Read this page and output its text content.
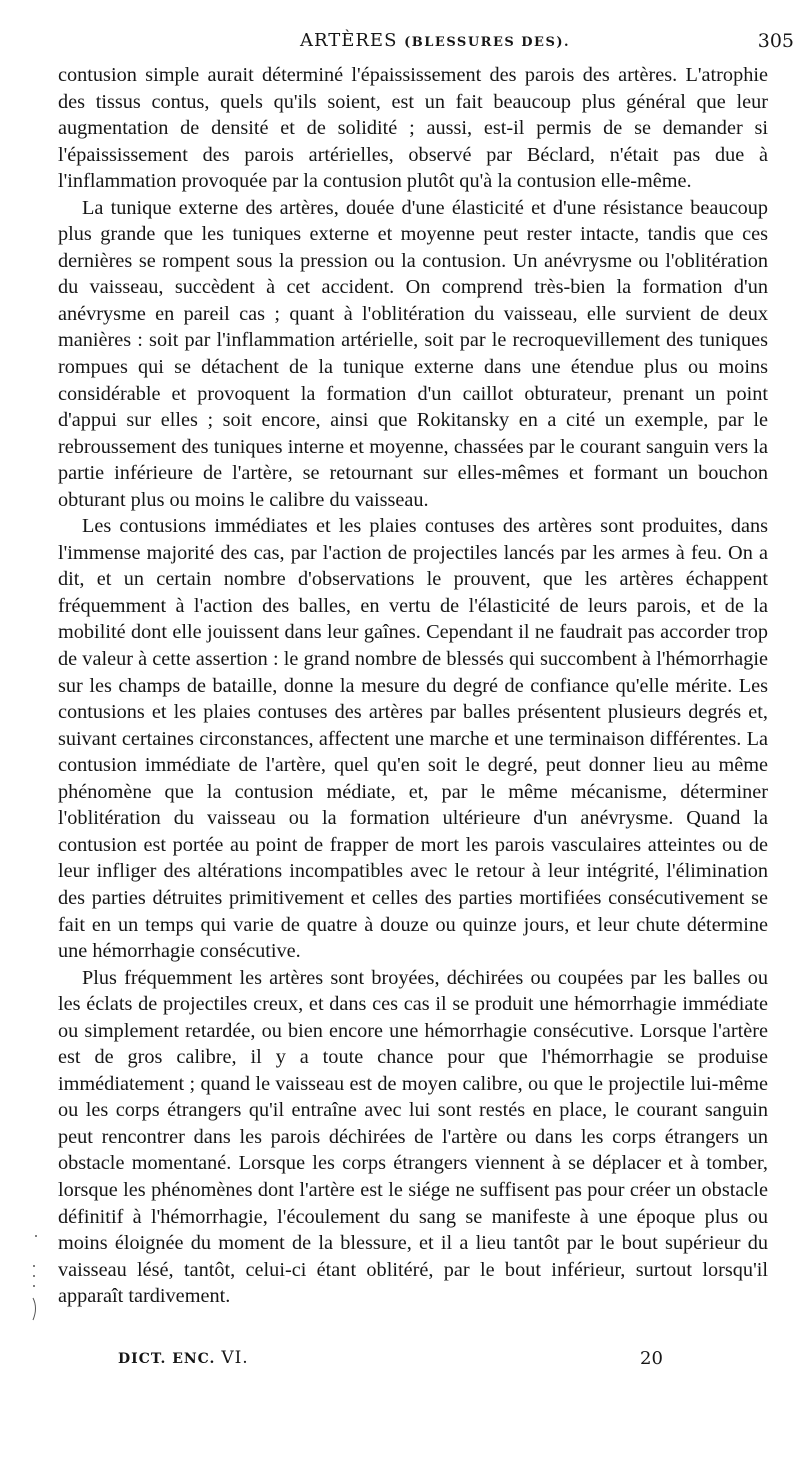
ARTÈRES (BLESSURES DES).	305

contusion simple aurait déterminé l'épaississement des parois des artères. L'atrophie des tissus contus, quels qu'ils soient, est un fait beaucoup plus général que leur augmentation de densité et de solidité ; aussi, est-il permis de se demander si l'épaississement des parois artérielles, observé par Béclard, n'était pas due à l'inflammation provoquée par la contusion plutôt qu'à la contusion elle-même.

La tunique externe des artères, douée d'une élasticité et d'une résistance beaucoup plus grande que les tuniques externe et moyenne peut rester intacte, tandis que ces dernières se rompent sous la pression ou la contusion. Un anévrysme ou l'oblitération du vaisseau, succèdent à cet accident. On comprend très-bien la formation d'un anévrysme en pareil cas ; quant à l'oblitération du vaisseau, elle survient de deux manières : soit par l'inflammation artérielle, soit par le recroquevillement des tuniques rompues qui se détachent de la tunique externe dans une étendue plus ou moins considérable et provoquent la formation d'un caillot obturateur, prenant un point d'appui sur elles ; soit encore, ainsi que Rokitansky en a cité un exemple, par le rebroussement des tuniques interne et moyenne, chassées par le courant sanguin vers la partie inférieure de l'artère, se retournant sur elles-mêmes et formant un bouchon obturant plus ou moins le calibre du vaisseau.

Les contusions immédiates et les plaies contuses des artères sont produites, dans l'immense majorité des cas, par l'action de projectiles lancés par les armes à feu. On a dit, et un certain nombre d'observations le prouvent, que les artères échappent fréquemment à l'action des balles, en vertu de l'élasticité de leurs parois, et de la mobilité dont elle jouissent dans leur gaînes. Cependant il ne faudrait pas accorder trop de valeur à cette assertion : le grand nombre de blessés qui succombent à l'hémorrhagie sur les champs de bataille, donne la mesure du degré de confiance qu'elle mérite. Les contusions et les plaies contuses des artères par balles présentent plusieurs degrés et, suivant certaines circonstances, affectent une marche et une terminaison différentes. La contusion immédiate de l'artère, quel qu'en soit le degré, peut donner lieu au même phénomène que la contusion médiate, et, par le même mécanisme, déterminer l'oblitération du vaisseau ou la formation ultérieure d'un anévrysme. Quand la contusion est portée au point de frapper de mort les parois vasculaires atteintes ou de leur infliger des altérations incompatibles avec le retour à leur intégrité, l'élimination des parties détruites primitivement et celles des parties mortifiées consécutivement se fait en un temps qui varie de quatre à douze ou quinze jours, et leur chute détermine une hémorrhagie consécutive.

Plus fréquemment les artères sont broyées, déchirées ou coupées par les balles ou les éclats de projectiles creux, et dans ces cas il se produit une hémorrhagie immédiate ou simplement retardée, ou bien encore une hémorrhagie consécutive. Lorsque l'artère est de gros calibre, il y a toute chance pour que l'hémorrhagie se produise immédiatement ; quand le vaisseau est de moyen calibre, ou que le projectile lui-même ou les corps étrangers qu'il entraîne avec lui sont restés en place, le courant sanguin peut rencontrer dans les parois déchirées de l'artère ou dans les corps étrangers un obstacle momentané. Lorsque les corps étrangers viennent à se déplacer et à tomber, lorsque les phénomènes dont l'artère est le siége ne suffisent pas pour créer un obstacle définitif à l'hémorrhagie, l'écoulement du sang se manifeste à une époque plus ou moins éloignée du moment de la blessure, et il a lieu tantôt par le bout supérieur du vaisseau lésé, tantôt, celui-ci étant oblitéré, par le bout inférieur, surtout lorsqu'il apparaît tardivement.

DICT. ENC. VI.	20
